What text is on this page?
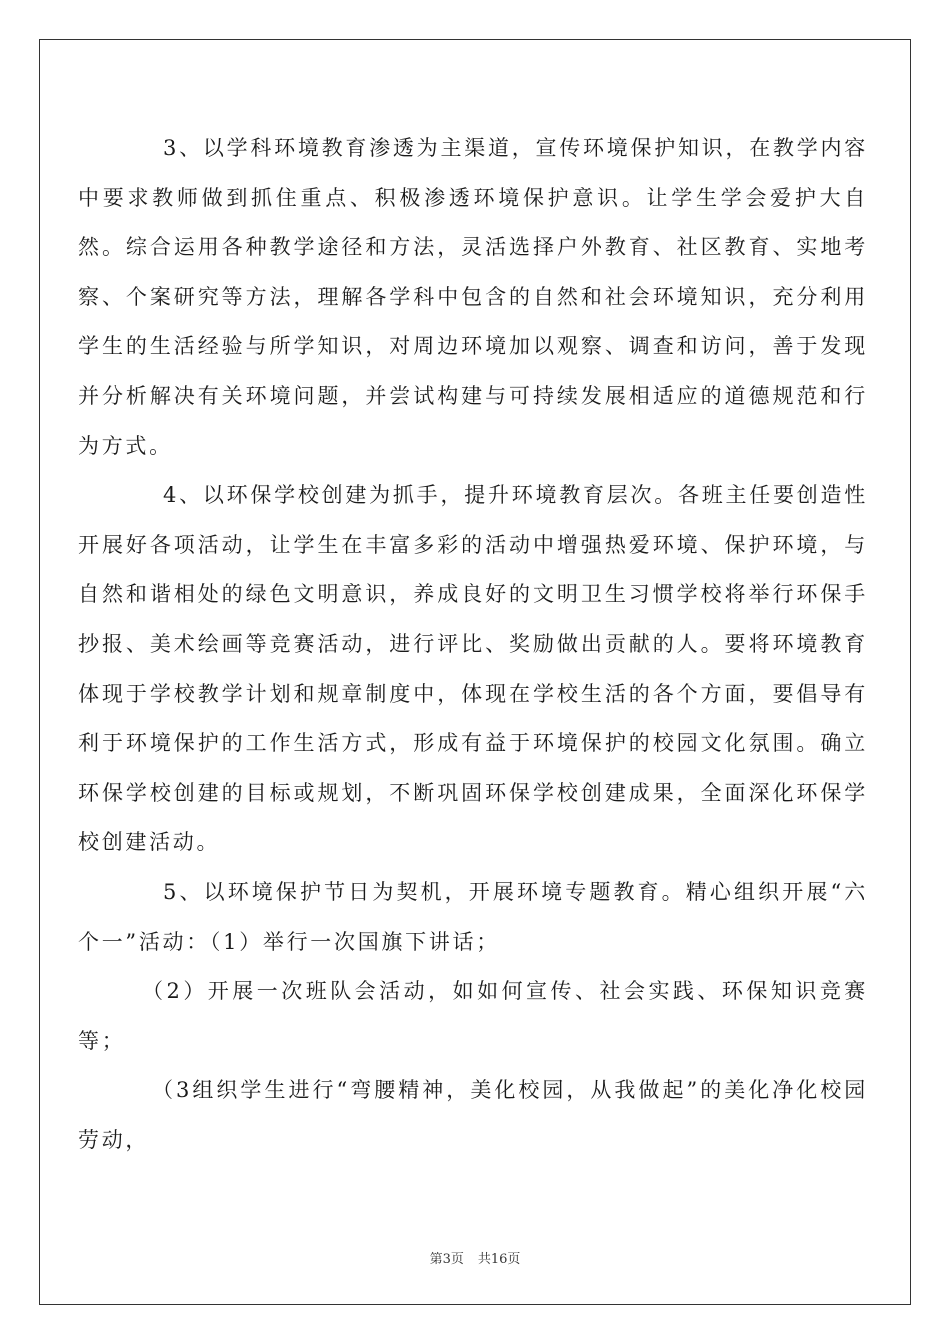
3、以学科环境教育渗透为主渠道，宣传环境保护知识，在教学内容中要求教师做到抓住重点、积极渗透环境保护意识。让学生学会爱护大自然。综合运用各种教学途径和方法，灵活选择户外教育、社区教育、实地考察、个案研究等方法，理解各学科中包含的自然和社会环境知识，充分利用学生的生活经验与所学知识，对周边环境加以观察、调查和访问，善于发现并分析解决有关环境问题，并尝试构建与可持续发展相适应的道德规范和行为方式。

4、以环保学校创建为抓手，提升环境教育层次。各班主任要创造性开展好各项活动，让学生在丰富多彩的活动中增强热爱环境、保护环境，与自然和谐相处的绿色文明意识，养成良好的文明卫生习惯学校将举行环保手抄报、美术绘画等竞赛活动，进行评比、奖励做出贡献的人。要将环境教育体现于学校教学计划和规章制度中，体现在学校生活的各个方面，要倡导有利于环境保护的工作生活方式，形成有益于环境保护的校园文化氛围。确立环保学校创建的目标或规划，不断巩固环保学校创建成果，全面深化环保学校创建活动。

5、以环境保护节日为契机，开展环境专题教育。精心组织开展“六个一”活动：（1）举行一次国旗下讲话；

（2）开展一次班队会活动，如如何宣传、社会实践、环保知识竞赛等；

（3组织学生进行“弯腰精神，美化校园，从我做起”的美化净化校园劳动，

第3页 共16页
